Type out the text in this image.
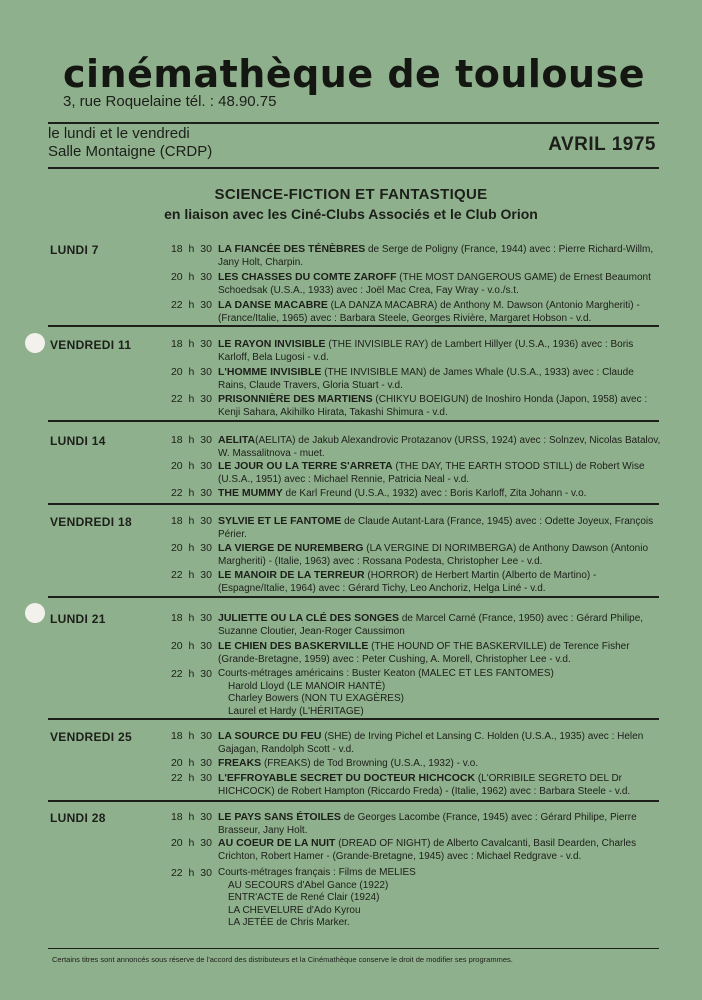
cinémathèque de toulouse
3, rue Roquelaine tél. : 48.90.75
le lundi et le vendredi
Salle Montaigne (CRDP)	AVRIL 1975
SCIENCE-FICTION ET FANTASTIQUE
en liaison avec les Ciné-Clubs Associés et le Club Orion
LUNDI 7	18 h 30 LA FIANCÉE DES TÉNÈBRES de Serge de Poligny (France, 1944) avec : Pierre Richard-Willm, Jany Holt, Charpin.
20 h 30 LES CHASSES DU COMTE ZAROFF (THE MOST DANGEROUS GAME) de Ernest Beaumont Schoedsak (U.S.A., 1933) avec : Joël Mac Crea, Fay Wray - v.o./s.t.
22 h 30 LA DANSE MACABRE (LA DANZA MACABRA) de Anthony M. Dawson (Antonio Margheriti) - (France/Italie, 1965) avec : Barbara Steele, Georges Rivière, Margaret Hobson - v.d.
VENDREDI 11	18 h 30 LE RAYON INVISIBLE (THE INVISIBLE RAY) de Lambert Hillyer (U.S.A., 1936) avec : Boris Karloff, Bela Lugosi - v.d.
20 h 30 L'HOMME INVISIBLE (THE INVISIBLE MAN) de James Whale (U.S.A., 1933) avec : Claude Rains, Claude Travers, Gloria Stuart - v.d.
22 h 30 PRISONNIÈRE DES MARTIENS (CHIKYU BOEIGUN) de Inoshiro Honda (Japon, 1958) avec : Kenji Sahara, Akihilko Hirata, Takashi Shimura - v.d.
LUNDI 14	18 h 30 AELITA(AELITA) de Jakub Alexandrovic Protazanov (URSS, 1924) avec : Solnzev, Nicolas Batalov, W. Massalitnova - muet.
20 h 30 LE JOUR OU LA TERRE S'ARRETA (THE DAY, THE EARTH STOOD STILL) de Robert Wise (U.S.A., 1951) avec : Michael Rennie, Patricia Neal - v.d.
22 h 30 THE MUMMY de Karl Freund (U.S.A., 1932) avec : Boris Karloff, Zita Johann - v.o.
VENDREDI 18	18 h 30 SYLVIE ET LE FANTOME de Claude Autant-Lara (France, 1945) avec : Odette Joyeux, François Périer.
20 h 30 LA VIERGE DE NUREMBERG (LA VERGINE DI NORIMBERGA) de Anthony Dawson (Antonio Margheriti) - (Italie, 1963) avec : Rossana Podesta, Christopher Lee - v.d.
22 h 30 LE MANOIR DE LA TERREUR (HORROR) de Herbert Martin (Alberto de Martino) - (Espagne/Italie, 1964) avec : Gérard Tichy, Leo Anchoriz, Helga Liné - v.d.
LUNDI 21	18 h 30 JULIETTE OU LA CLÉ DES SONGES de Marcel Carné (France, 1950) avec : Gérard Philipe, Suzanne Cloutier, Jean-Roger Caussimon
20 h 30 LE CHIEN DES BASKERVILLE (THE HOUND OF THE BASKERVILLE) de Terence Fisher (Grande-Bretagne, 1959) avec : Peter Cushing, A. Morell, Christopher Lee - v.d.
22 h 30 Courts-métrages américains : Buster Keaton (MALEC ET LES FANTOMES)
Harold Lloyd (LE MANOIR HANTÉ)
Charley Bowers (NON TU EXAGÈRES)
Laurel et Hardy (L'HÉRITAGE)
VENDREDI 25	18 h 30 LA SOURCE DU FEU (SHE) de Irving Pichel et Lansing C. Holden (U.S.A., 1935) avec : Helen Gajagan, Randolph Scott - v.d.
20 h 30 FREAKS (FREAKS) de Tod Browning (U.S.A., 1932) - v.o.
22 h 30 L'EFFROYABLE SECRET DU DOCTEUR HICHCOCK (L'ORRIBILE SEGRETO DEL Dr HICHCOCK) de Robert Hampton (Riccardo Freda) - (Italie, 1962) avec : Barbara Steele - v.d.
LUNDI 28	18 h 30 LE PAYS SANS ÉTOILES de Georges Lacombe (France, 1945) avec : Gérard Philipe, Pierre Brasseur, Jany Holt.
20 h 30 AU COEUR DE LA NUIT (DREAD OF NIGHT) de Alberto Cavalcanti, Basil Dearden, Charles Crichton, Robert Hamer - (Grande-Bretagne, 1945) avec : Michael Redgrave - v.d.
22 h 30 Courts-métrages français : Films de MELIES
AU SECOURS d'Abel Gance (1922)
ENTR'ACTE de René Clair (1924)
LA CHEVELURE d'Ado Kyrou
LA JETÉE de Chris Marker.
Certains titres sont annoncés sous réserve de l'accord des distributeurs et la Cinémathèque conserve le droit de modifier ses programmes.
